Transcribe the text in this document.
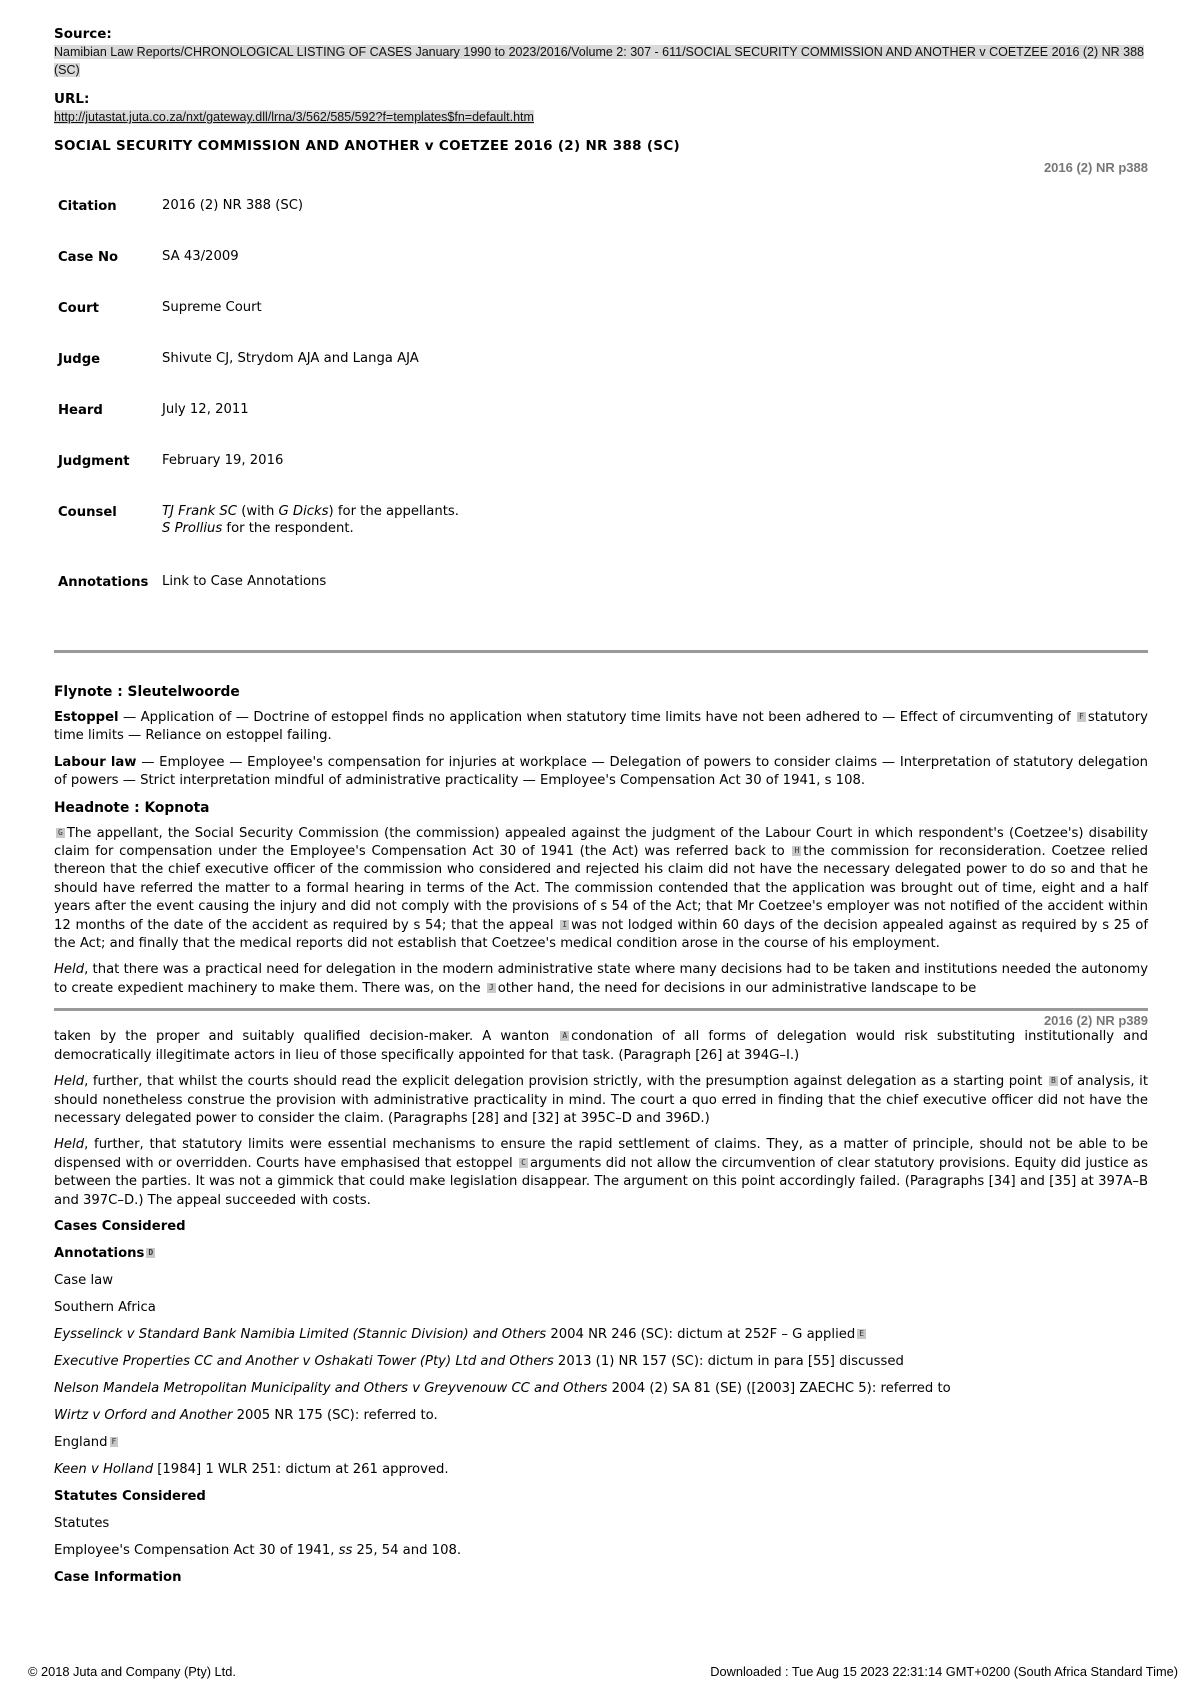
Source:
Namibian Law Reports/CHRONOLOGICAL LISTING OF CASES January 1990 to 2023/2016/Volume 2: 307 - 611/SOCIAL SECURITY COMMISSION AND ANOTHER v COETZEE 2016 (2) NR 388 (SC)
URL:
http://jutastat.juta.co.za/nxt/gateway.dll/lrna/3/562/585/592?f=templates$fn=default.htm
SOCIAL SECURITY COMMISSION AND ANOTHER v COETZEE 2016 (2) NR 388 (SC)
2016 (2) NR p388
Citation	2016 (2) NR 388 (SC)
Case No	SA 43/2009
Court	Supreme Court
Judge	Shivute CJ, Strydom AJA and Langa AJA
Heard	July 12, 2011
Judgment	February 19, 2016
Counsel	TJ Frank SC (with G Dicks) for the appellants.
S Prollius for the respondent.
Annotations	Link to Case Annotations
Flynote : Sleutelwoorde

Estoppel — Application of — Doctrine of estoppel finds no application when statutory time limits have not been adhered to — Effect of circumventing of F statutory time limits — Reliance on estoppel failing.

Labour law — Employee — Employee's compensation for injuries at workplace — Delegation of powers to consider claims — Interpretation of statutory delegation of powers — Strict interpretation mindful of administrative practicality — Employee's Compensation Act 30 of 1941, s 108.

Headnote : Kopnota

G The appellant, the Social Security Commission (the commission) appealed against the judgment of the Labour Court in which respondent's (Coetzee's) disability claim for compensation under the Employee's Compensation Act 30 of 1941 (the Act) was referred back to H the commission for reconsideration. Coetzee relied thereon that the chief executive officer of the commission who considered and rejected his claim did not have the necessary delegated power to do so and that he should have referred the matter to a formal hearing in terms of the Act. The commission contended that the application was brought out of time, eight and a half years after the event causing the injury and did not comply with the provisions of s 54 of the Act; that Mr Coetzee's employer was not notified of the accident within 12 months of the date of the accident as required by s 54; that the appeal I was not lodged within 60 days of the decision appealed against as required by s 25 of the Act; and finally that the medical reports did not establish that Coetzee's medical condition arose in the course of his employment.

Held, that there was a practical need for delegation in the modern administrative state where many decisions had to be taken and institutions needed the autonomy to create expedient machinery to make them. There was, on the J other hand, the need for decisions in our administrative landscape to be

2016 (2) NR p389

taken by the proper and suitably qualified decision-maker. A wanton A condonation of all forms of delegation would risk substituting institutionally and democratically illegitimate actors in lieu of those specifically appointed for that task. (Paragraph [26] at 394G–I.)

Held, further, that whilst the courts should read the explicit delegation provision strictly, with the presumption against delegation as a starting point B of analysis, it should nonetheless construe the provision with administrative practicality in mind. The court a quo erred in finding that the chief executive officer did not have the necessary delegated power to consider the claim. (Paragraphs [28] and [32] at 395C–D and 396D.)

Held, further, that statutory limits were essential mechanisms to ensure the rapid settlement of claims. They, as a matter of principle, should not be able to be dispensed with or overridden. Courts have emphasised that estoppel C arguments did not allow the circumvention of clear statutory provisions. Equity did justice as between the parties. It was not a gimmick that could make legislation disappear. The argument on this point accordingly failed. (Paragraphs [34] and [35] at 397A–B and 397C–D.) The appeal succeeded with costs.

Cases Considered
Annotations D
Case law
Southern Africa
Eysselinck v Standard Bank Namibia Limited (Stannic Division) and Others 2004 NR 246 (SC): dictum at 252F – G applied E
Executive Properties CC and Another v Oshakati Tower (Pty) Ltd and Others 2013 (1) NR 157 (SC): dictum in para [55] discussed
Nelson Mandela Metropolitan Municipality and Others v Greyvenouw CC and Others 2004 (2) SA 81 (SE) ([2003] ZAECHC 5): referred to
Wirtz v Orford and Another 2005 NR 175 (SC): referred to.
England F
Keen v Holland [1984] 1 WLR 251: dictum at 261 approved.
Statutes Considered
Statutes
Employee's Compensation Act 30 of 1941, ss 25, 54 and 108.
Case Information
© 2018 Juta and Company (Pty) Ltd.	Downloaded : Tue Aug 15 2023 22:31:14 GMT+0200 (South Africa Standard Time)
